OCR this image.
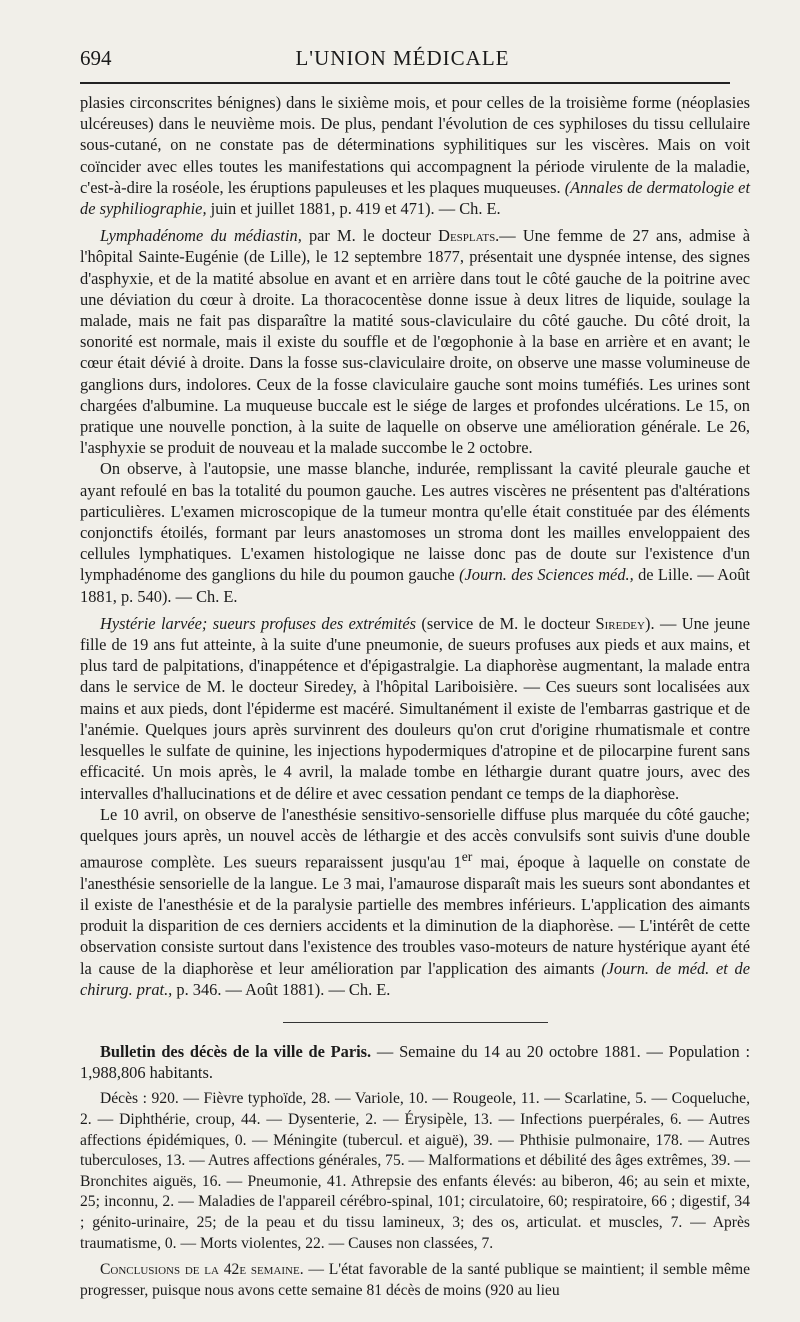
694	L'UNION MÉDICALE

plasies circonscrites bénignes) dans le sixième mois, et pour celles de la troisième forme (néoplasies ulcéreuses) dans le neuvième mois. De plus, pendant l'évolution de ces syphiloses du tissu cellulaire sous-cutané, on ne constate pas de déterminations syphilitiques sur les viscères. Mais on voit coïncider avec elles toutes les manifestations qui accompagnent la période virulente de la maladie, c'est-à-dire la roséole, les éruptions papuleuses et les plaques muqueuses. (Annales de dermatologie et de syphiliographie, juin et juillet 1881, p. 419 et 471). — Ch. E.

Lymphadénome du médiastin, par M. le docteur Desplats.— Une femme de 27 ans, admise à l'hôpital Sainte-Eugénie (de Lille), le 12 septembre 1877, présentait une dyspnée intense, des signes d'asphyxie, et de la matité absolue en avant et en arrière dans tout le côté gauche de la poitrine avec une déviation du cœur à droite. La thoracocentèse donne issue à deux litres de liquide, soulage la malade, mais ne fait pas disparaître la matité sous-claviculaire du côté gauche. Du côté droit, la sonorité est normale, mais il existe du souffle et de l'œgophonie à la base en arrière et en avant; le cœur était dévié à droite. Dans la fosse sus-claviculaire droite, on observe une masse volumineuse de ganglions durs, indolores. Ceux de la fosse claviculaire gauche sont moins tuméfiés. Les urines sont chargées d'albumine. La muqueuse buccale est le siége de larges et profondes ulcérations. Le 15, on pratique une nouvelle ponction, à la suite de laquelle on observe une amélioration générale. Le 26, l'asphyxie se produit de nouveau et la malade succombe le 2 octobre.

On observe, à l'autopsie, une masse blanche, indurée, remplissant la cavité pleurale gauche et ayant refoulé en bas la totalité du poumon gauche. Les autres viscères ne présentent pas d'altérations particulières. L'examen microscopique de la tumeur montra qu'elle était constituée par des éléments conjonctifs étoilés, formant par leurs anastomoses un stroma dont les mailles enveloppaient des cellules lymphatiques. L'examen histologique ne laisse donc pas de doute sur l'existence d'un lymphadénome des ganglions du hile du poumon gauche (Journ. des Sciences méd., de Lille. — Août 1881, p. 540). — Ch. E.

Hystérie larvée; sueurs profuses des extrémités (service de M. le docteur Siredey). — Une jeune fille de 19 ans fut atteinte, à la suite d'une pneumonie, de sueurs profuses aux pieds et aux mains, et plus tard de palpitations, d'inappétence et d'épigastralgie. La diaphorèse augmentant, la malade entra dans le service de M. le docteur Siredey, à l'hôpital Lariboisière. — Ces sueurs sont localisées aux mains et aux pieds, dont l'épiderme est macéré. Simultanément il existe de l'embarras gastrique et de l'anémie. Quelques jours après survinrent des douleurs qu'on crut d'origine rhumatismale et contre lesquelles le sulfate de quinine, les injections hypodermiques d'atropine et de pilocarpine furent sans efficacité. Un mois après, le 4 avril, la malade tombe en léthargie durant quatre jours, avec des intervalles d'hallucinations et de délire et avec cessation pendant ce temps de la diaphorèse.

Le 10 avril, on observe de l'anesthésie sensitivo-sensorielle diffuse plus marquée du côté gauche; quelques jours après, un nouvel accès de léthargie et des accès convulsifs sont suivis d'une double amaurose complète. Les sueurs reparaissent jusqu'au 1er mai, époque à laquelle on constate de l'anesthésie sensorielle de la langue. Le 3 mai, l'amaurose disparaît mais les sueurs sont abondantes et il existe de l'anesthésie et de la paralysie partielle des membres inférieurs. L'application des aimants produit la disparition de ces derniers accidents et la diminution de la diaphorèse. — L'intérêt de cette observation consiste surtout dans l'existence des troubles vaso-moteurs de nature hystérique ayant été la cause de la diaphorèse et leur amélioration par l'application des aimants (Journ. de méd. et de chirurg. prat., p. 346. — Août 1881). — Ch. E.

Bulletin des décès de la ville de Paris. — Semaine du 14 au 20 octobre 1881. — Population : 1,988,806 habitants.

Décès : 920. — Fièvre typhoïde, 28. — Variole, 10. — Rougeole, 11. — Scarlatine, 5. — Coqueluche, 2. — Diphthérie, croup, 44. — Dysenterie, 2. — Érysipèle, 13. — Infections puerpérales, 6. — Autres affections épidémiques, 0. — Méningite (tubercul. et aiguë), 39. — Phthisie pulmonaire, 178. — Autres tuberculoses, 13. — Autres affections générales, 75. — Malformations et débilité des âges extrêmes, 39. — Bronchites aiguës, 16. — Pneumonie, 41. Athrepsie des enfants élevés: au biberon, 46; au sein et mixte, 25; inconnu, 2. — Maladies de l'appareil cérébro-spinal, 101; circulatoire, 60; respiratoire, 66 ; digestif, 34 ; génito-urinaire, 25; de la peau et du tissu lamineux, 3; des os, articulat. et muscles, 7. — Après traumatisme, 0. — Morts violentes, 22. — Causes non classées, 7.

Conclusions de la 42e semaine. — L'état favorable de la santé publique se maintient; il semble même progresser, puisque nous avons cette semaine 81 décès de moins (920 au lieu
